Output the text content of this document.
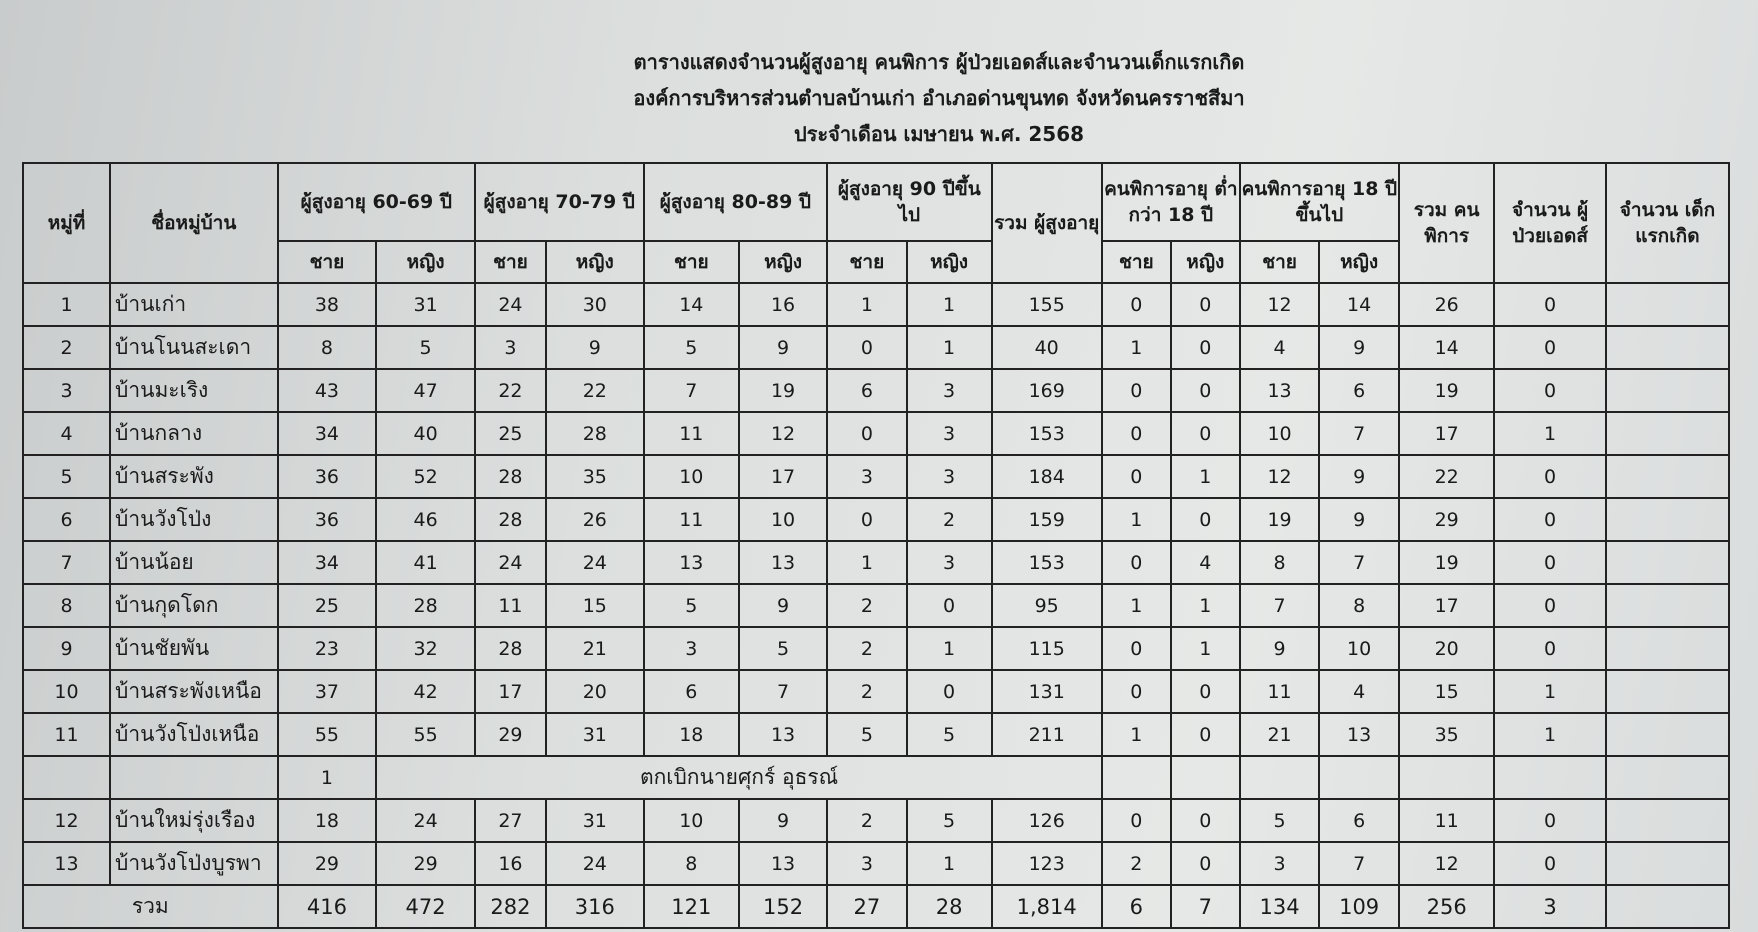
ตารางแสดงจำนวนผู้สูงอายุ คนพิการ ผู้ป่วยเอดส์และจำนวนเด็กแรกเกิด
องค์การบริหารส่วนตำบลบ้านเก่า อำเภอด่านขุนทด จังหวัดนครราชสีมา
ประจำเดือน เมษายน พ.ศ. 2568
หมู่ที่	ชื่อหมู่บ้าน	ผู้สูงอายุ 60-69 ปี		ผู้สูงอายุ 70-79 ปี		ผู้สูงอายุ 80-89 ปี		ผู้สูงอายุ 90 ปีขึ้นไป		รวม ผู้สูงอายุ	คนพิการอายุ ต่ำกว่า 18 ปี		คนพิการอายุ 18 ปีขึ้นไป		รวม คนพิการ	จำนวน ผู้ป่วยเอดส์	จำนวน เด็กแรกเกิด
		ชาย	หญิง	ชาย	หญิง	ชาย	หญิง	ชาย	หญิง		ชาย	หญิง	ชาย	หญิง			
1	บ้านเก่า	38	31	24	30	14	16	1	1	155	0	0	12	14	26	0	
2	บ้านโนนสะเดา	8	5	3	9	5	9	0	1	40	1	0	4	9	14	0	
3	บ้านมะเริง	43	47	22	22	7	19	6	3	169	0	0	13	6	19	0	
4	บ้านกลาง	34	40	25	28	11	12	0	3	153	0	0	10	7	17	1	
5	บ้านสระพัง	36	52	28	35	10	17	3	3	184	0	1	12	9	22	0	
6	บ้านวังโป่ง	36	46	28	26	11	10	0	2	159	1	0	19	9	29	0	
7	บ้านน้อย	34	41	24	24	13	13	1	3	153	0	4	8	7	19	0	
8	บ้านกุดโดก	25	28	11	15	5	9	2	0	95	1	1	7	8	17	0	
9	บ้านชัยพัน	23	32	28	21	3	5	2	1	115	0	1	9	10	20	0	
10	บ้านสระพังเหนือ	37	42	17	20	6	7	2	0	131	0	0	11	4	15	1	
11	บ้านวังโป่งเหนือ	55	55	29	31	18	13	5	5	211	1	0	21	13	35	1	
		1	ตกเบิกนายศุกร์ อุธรณ์														
12	บ้านใหม่รุ่งเรือง	18	24	27	31	10	9	2	5	126	0	0	5	6	11	0	
13	บ้านวังโป่งบูรพา	29	29	16	24	8	13	3	1	123	2	0	3	7	12	0	
รวม		416	472	282	316	121	152	27	28	1,814	6	7	134	109	256	3	
